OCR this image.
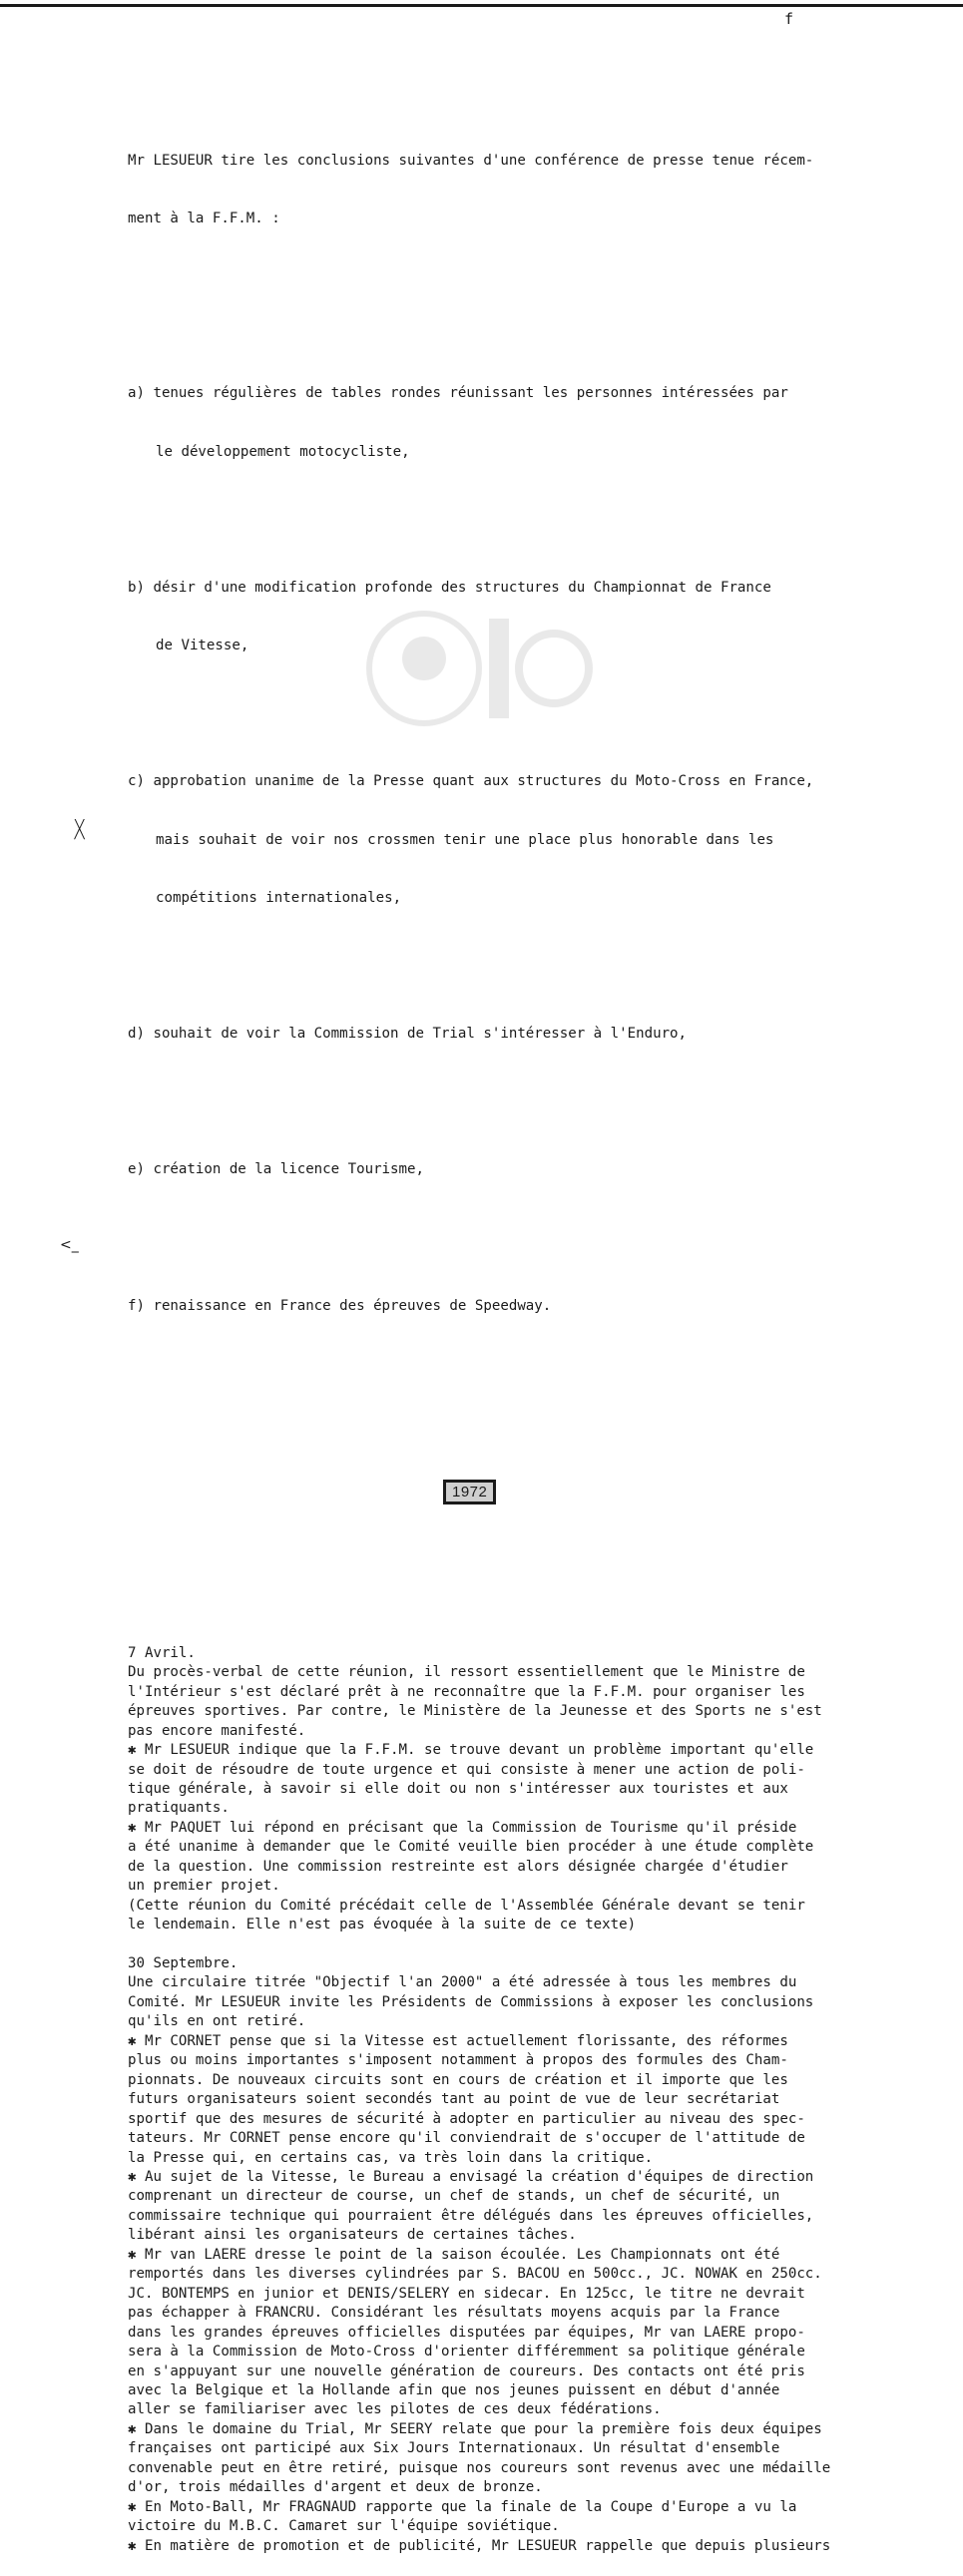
f

Mr LESUEUR tire les conclusions suivantes d'une conférence de presse tenue récem-

ment à la F.F.M. :

a) tenues régulières de tables rondes réunissant les personnes intéressées par

le développement motocycliste,

b) désir d'une modification profonde des structures du Championnat de France

de Vitesse,

c) approbation unanime de la Presse quant aux structures du Moto-Cross en France,

mais souhait de voir nos crossmen tenir une place plus honorable dans les

compétitions internationales,

d) souhait de voir la Commission de Trial s'intéresser à l'Enduro,

e) création de la licence Tourisme,

f) renaissance en France des épreuves de Speedway.

1972

7 Avril.
Du procès-verbal de cette réunion, il ressort essentiellement que le Ministre de
l'Intérieur s'est déclaré prêt à ne reconnaître que la F.F.M. pour organiser les
épreuves sportives. Par contre, le Ministère de la Jeunesse et des Sports ne s'est
pas encore manifesté.
✱ Mr LESUEUR indique que la F.F.M. se trouve devant un problème important qu'elle
se doit de résoudre de toute urgence et qui consiste à mener une action de poli-
tique générale, à savoir si elle doit ou non s'intéresser aux touristes et aux
pratiquants.
✱ Mr PAQUET lui répond en précisant que la Commission de Tourisme qu'il préside
a été unanime à demander que le Comité veuille bien procéder à une étude complète
de la question. Une commission restreinte est alors désignée chargée d'étudier
un premier projet.
(Cette réunion du Comité précédait celle de l'Assemblée Générale devant se tenir
le lendemain. Elle n'est pas évoquée à la suite de ce texte)
30 Septembre.
Une circulaire titrée "Objectif l'an 2000" a été adressée à tous les membres du
Comité. Mr LESUEUR invite les Présidents de Commissions à exposer les conclusions
qu'ils en ont retiré.
✱ Mr CORNET pense que si la Vitesse est actuellement florissante, des réformes
plus ou moins importantes s'imposent notamment à propos des formules des Cham-
pionnats. De nouveaux circuits sont en cours de création et il importe que les
futurs organisateurs soient secondés tant au point de vue de leur secrétariat
sportif que des mesures de sécurité à adopter en particulier au niveau des spec-
tateurs. Mr CORNET pense encore qu'il conviendrait de s'occuper de l'attitude de
la Presse qui, en certains cas, va très loin dans la critique.
✱ Au sujet de la Vitesse, le Bureau a envisagé la création d'équipes de direction
comprenant un directeur de course, un chef de stands, un chef de sécurité, un
commissaire technique qui pourraient être délégués dans les épreuves officielles,
libérant ainsi les organisateurs de certaines tâches.
✱ Mr van LAERE dresse le point de la saison écoulée. Les Championnats ont été
remportés dans les diverses cylindrées par S. BACOU en 500cc., JC. NOWAK en 250cc.
JC. BONTEMPS en junior et DENIS/SELERY en sidecar. En 125cc, le titre ne devrait
pas échapper à FRANCRU. Considérant les résultats moyens acquis par la France
dans les grandes épreuves officielles disputées par équipes, Mr van LAERE propo-
sera à la Commission de Moto-Cross d'orienter différemment sa politique générale
en s'appuyant sur une nouvelle génération de coureurs. Des contacts ont été pris
avec la Belgique et la Hollande afin que nos jeunes puissent en début d'année
aller se familiariser avec les pilotes de ces deux fédérations.
✱ Dans le domaine du Trial, Mr SEERY relate que pour la première fois deux équipes
françaises ont participé aux Six Jours Internationaux. Un résultat d'ensemble
convenable peut en être retiré, puisque nos coureurs sont revenus avec une médaille
d'or, trois médailles d'argent et deux de bronze.
✱ En Moto-Ball, Mr FRAGNAUD rapporte que la finale de la Coupe d'Europe a vu la
victoire du M.B.C. Camaret sur l'équipe soviétique.
✱ En matière de promotion et de publicité, Mr LESUEUR rappelle que depuis plusieurs

X
<_
